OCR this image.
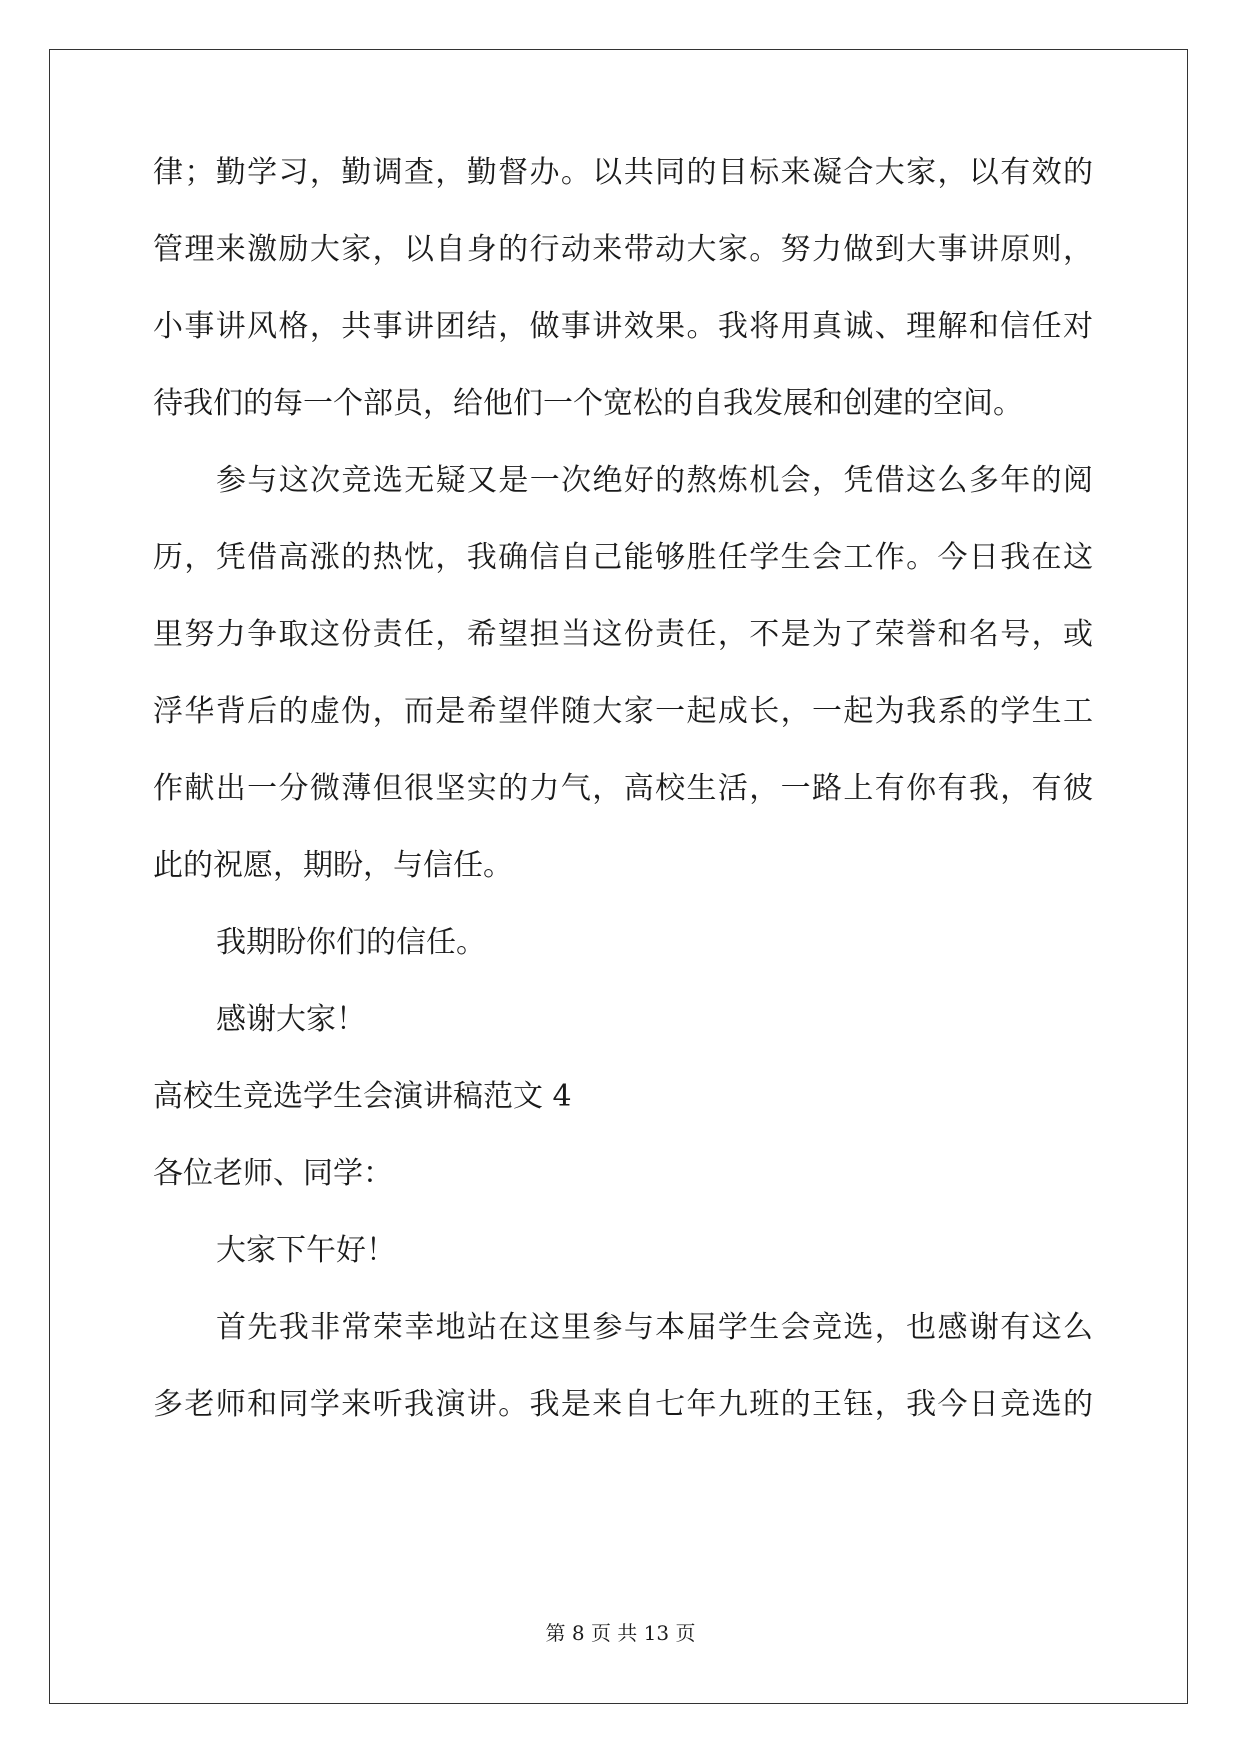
律；勤学习，勤调查，勤督办。以共同的目标来凝合大家，以有效的
管理来激励大家，以自身的行动来带动大家。努力做到大事讲原则，
小事讲风格，共事讲团结，做事讲效果。我将用真诚、理解和信任对
待我们的每一个部员，给他们一个宽松的自我发展和创建的空间。
参与这次竞选无疑又是一次绝好的熬炼机会，凭借这么多年的阅
历，凭借高涨的热忱，我确信自己能够胜任学生会工作。今日我在这
里努力争取这份责任，希望担当这份责任，不是为了荣誉和名号，或
浮华背后的虚伪，而是希望伴随大家一起成长，一起为我系的学生工
作献出一分微薄但很坚实的力气，高校生活，一路上有你有我，有彼
此的祝愿，期盼，与信任。
我期盼你们的信任。
感谢大家！
高校生竞选学生会演讲稿范文 4
各位老师、同学：
大家下午好！
首先我非常荣幸地站在这里参与本届学生会竞选，也感谢有这么
多老师和同学来听我演讲。我是来自七年九班的王钰，我今日竞选的
第 8 页 共 13 页
